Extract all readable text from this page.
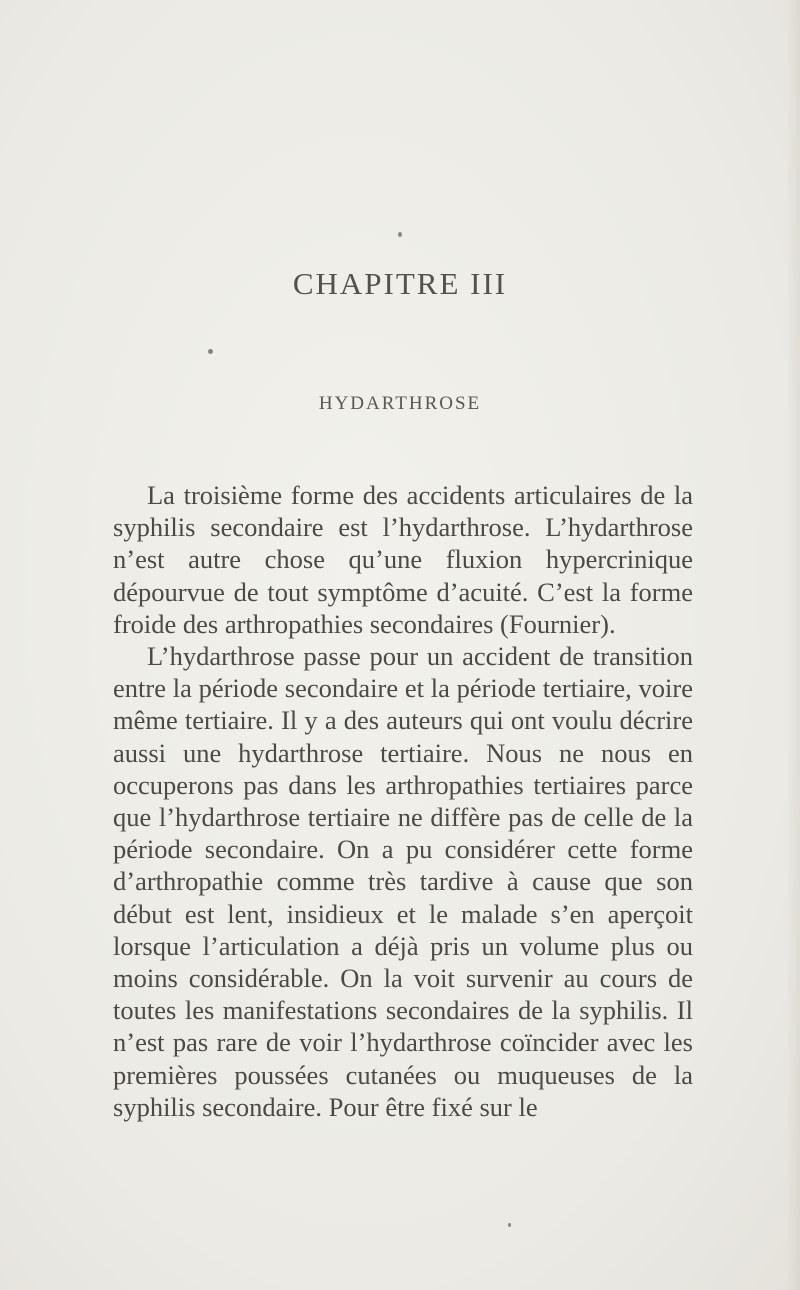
CHAPITRE III
HYDARTHROSE

La troisième forme des accidents articulaires de la syphilis secondaire est l’hydarthrose. L’hydarthrose n’est autre chose qu’une fluxion hypercrinique dépourvue de tout symptôme d’acuité. C’est la forme froide des arthropathies secondaires (Fournier).

L’hydarthrose passe pour un accident de transition entre la période secondaire et la période tertiaire, voire même tertiaire. Il y a des auteurs qui ont voulu décrire aussi une hydarthrose tertiaire. Nous ne nous en occuperons pas dans les arthropathies tertiaires parce que l’hydarthrose tertiaire ne diffère pas de celle de la période secondaire. On a pu considérer cette forme d’arthropathie comme très tardive à cause que son début est lent, insidieux et le malade s’en aperçoit lorsque l’articulation a déjà pris un volume plus ou moins considérable. On la voit survenir au cours de toutes les manifestations secondaires de la syphilis. Il n’est pas rare de voir l’hydarthrose coïncider avec les premières poussées cutanées ou muqueuses de la syphilis secondaire. Pour être fixé sur le
